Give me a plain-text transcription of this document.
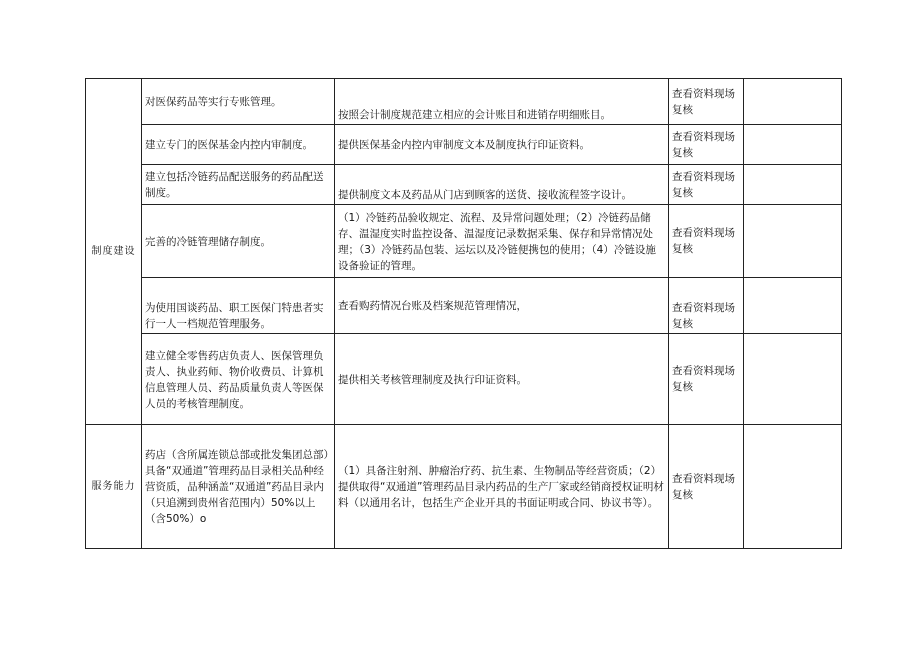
制度建设	对医保药品等实行专账管理。	按照会计制度规范建立相应的会计账目和进销存明细账目。	查看资料现场复核	
	建立专门的医保基金内控内审制度。	提供医保基金内控内审制度文本及制度执行印证资料。	查看资料现场复核	
	建立包括冷链药品配送服务的药品配送制度。	提供制度文本及药品从门店到顾客的送货、接收流程签字设计。	查看资料现场复核	
	完善的冷链管理储存制度。	（1）冷链药品验收规定、流程、及异常问题处理；（2）冷链药品储存、温湿度实时监控设备、温湿度记录数据采集、保存和异常情况处理；（3）冷链药品包装、运坛以及冷链便携包的使用；（4）冷链设施设备验证的管理。	查看资料现场复核	
	为使用国谈药品、职工医保门特患者实行一人一档规范管理服务。	查看购药情况台账及档案规范管理情况，	查看资料现场复核	
	建立健全零售药店负责人、医保管理负责人、执业药师、物价收费员、计算机信息管理人员、药品质量负责人等医保人员的考核管理制度。	提供相关考核管理制度及执行印证资料。	查看资料现场复核	
服务能力	药店（含所属连锁总部或批发集团总部）具备“双通道”管理药品目录相关品种经营资质，品种涵盖“双通道”药品目录内（只追溯到贵州省范围内）50%以上（含50%）o	（1）具备注射剂、肿瘤治疗药、抗生素、生物制品等经营资质；（2）提供取得“双通道”管理药品目录内药品的生产厂家或经销商授权证明材料（以通用名计，包括生产企业开具的书面证明或合同、协议书等）。	查看资料现场复核	
